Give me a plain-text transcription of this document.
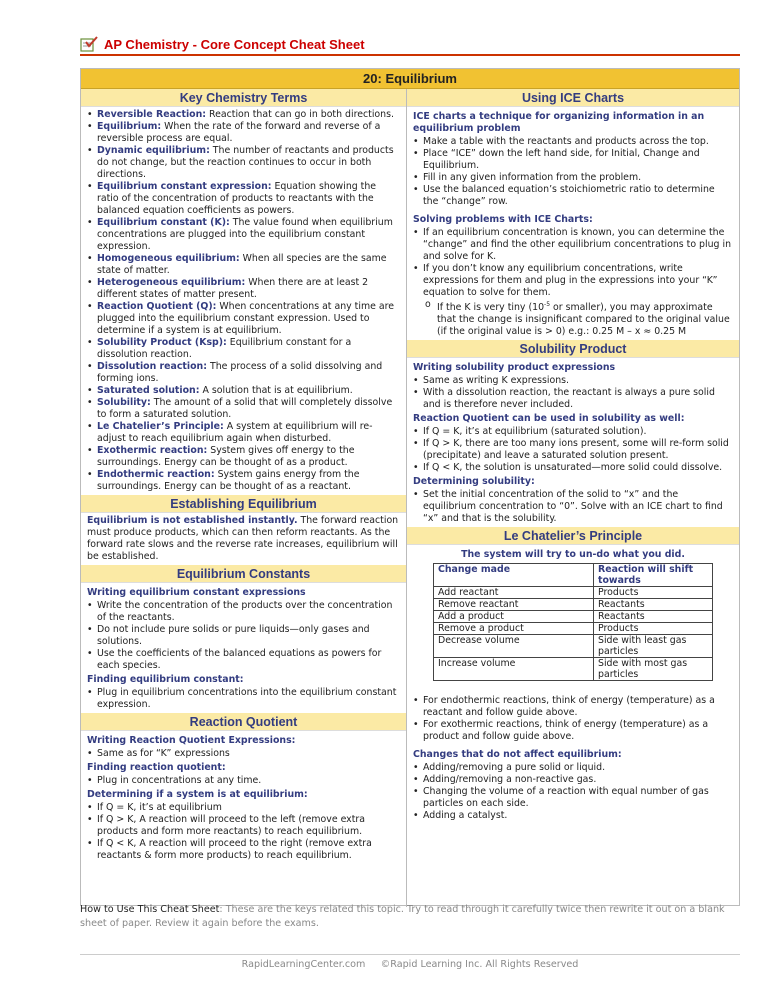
AP Chemistry - Core Concept Cheat Sheet
20: Equilibrium
Key Chemistry Terms
• Reversible Reaction: Reaction that can go in both directions.
• Equilibrium: When the rate of the forward and reverse of a reversible process are equal.
• Dynamic equilibrium: The number of reactants and products do not change, but the reaction continues to occur in both directions.
• Equilibrium constant expression: Equation showing the ratio of the concentration of products to reactants with the balanced equation coefficients as powers.
• Equilibrium constant (K): The value found when equilibrium concentrations are plugged into the equilibrium constant expression.
• Homogeneous equilibrium: When all species are the same state of matter.
• Heterogeneous equilibrium: When there are at least 2 different states of matter present.
• Reaction Quotient (Q): When concentrations at any time are plugged into the equilibrium constant expression. Used to determine if a system is at equilibrium.
• Solubility Product (Ksp): Equilibrium constant for a dissolution reaction.
• Dissolution reaction: The process of a solid dissolving and forming ions.
• Saturated solution: A solution that is at equilibrium.
• Solubility: The amount of a solid that will completely dissolve to form a saturated solution.
• Le Chatelier’s Principle: A system at equilibrium will re-adjust to reach equilibrium again when disturbed.
• Exothermic reaction: System gives off energy to the surroundings. Energy can be thought of as a product.
• Endothermic reaction: System gains energy from the surroundings. Energy can be thought of as a reactant.
Establishing Equilibrium
Equilibrium is not established instantly. The forward reaction must produce products, which can then reform reactants. As the forward rate slows and the reverse rate increases, equilibrium will be established.
Equilibrium Constants
Writing equilibrium constant expressions
• Write the concentration of the products over the concentration of the reactants.
• Do not include pure solids or pure liquids—only gases and solutions.
• Use the coefficients of the balanced equations as powers for each species.
Finding equilibrium constant:
• Plug in equilibrium concentrations into the equilibrium constant expression.
Reaction Quotient
Writing Reaction Quotient Expressions:
• Same as for “K” expressions
Finding reaction quotient:
• Plug in concentrations at any time.
Determining if a system is at equilibrium:
• If Q = K, it’s at equilibrium
• If Q > K, A reaction will proceed to the left (remove extra products and form more reactants) to reach equilibrium.
• If Q < K, A reaction will proceed to the right (remove extra reactants & form more products) to reach equilibrium.
Using ICE Charts
ICE charts a technique for organizing information in an equilibrium problem
• Make a table with the reactants and products across the top.
• Place “ICE” down the left hand side, for Initial, Change and Equilibrium.
• Fill in any given information from the problem.
• Use the balanced equation’s stoichiometric ratio to determine the “change” row.
Solving problems with ICE Charts:
• If an equilibrium concentration is known, you can determine the “change” and find the other equilibrium concentrations to plug in and solve for K.
• If you don’t know any equilibrium concentrations, write expressions for them and plug in the expressions into your “K” equation to solve for them.
o If the K is very tiny ($10^{-5}$ or smaller), you may approximate that the change is insignificant compared to the original value (if the original value is > 0) e.g.: 0.25 M – x ≈ 0.25 M
Solubility Product
Writing solubility product expressions
• Same as writing K expressions.
• With a dissolution reaction, the reactant is always a pure solid and is therefore never included.
Reaction Quotient can be used in solubility as well:
• If Q = K, it’s at equilibrium (saturated solution).
• If Q > K, there are too many ions present, some will re-form solid (precipitate) and leave a saturated solution present.
• If Q < K, the solution is unsaturated—more solid could dissolve.
Determining solubility:
• Set the initial concentration of the solid to “x” and the equilibrium concentration to “0”. Solve with an ICE chart to find “x” and that is the solubility.
Le Chatelier’s Principle
The system will try to un-do what you did.
Change made	Reaction will shift towards
Add reactant	Products
Remove reactant	Reactants
Add a product	Reactants
Remove a product	Products
Decrease volume	Side with least gas particles
Increase volume	Side with most gas particles
• For endothermic reactions, think of energy (temperature) as a reactant and follow guide above.
• For exothermic reactions, think of energy (temperature) as a product and follow guide above.
Changes that do not affect equilibrium:
• Adding/removing a pure solid or liquid.
• Adding/removing a non-reactive gas.
• Changing the volume of a reaction with equal number of gas particles on each side.
• Adding a catalyst.
How to Use This Cheat Sheet: These are the keys related this topic. Try to read through it carefully twice then rewrite it out on a blank sheet of paper. Review it again before the exams.
RapidLearningCenter.com ©Rapid Learning Inc. All Rights Reserved
